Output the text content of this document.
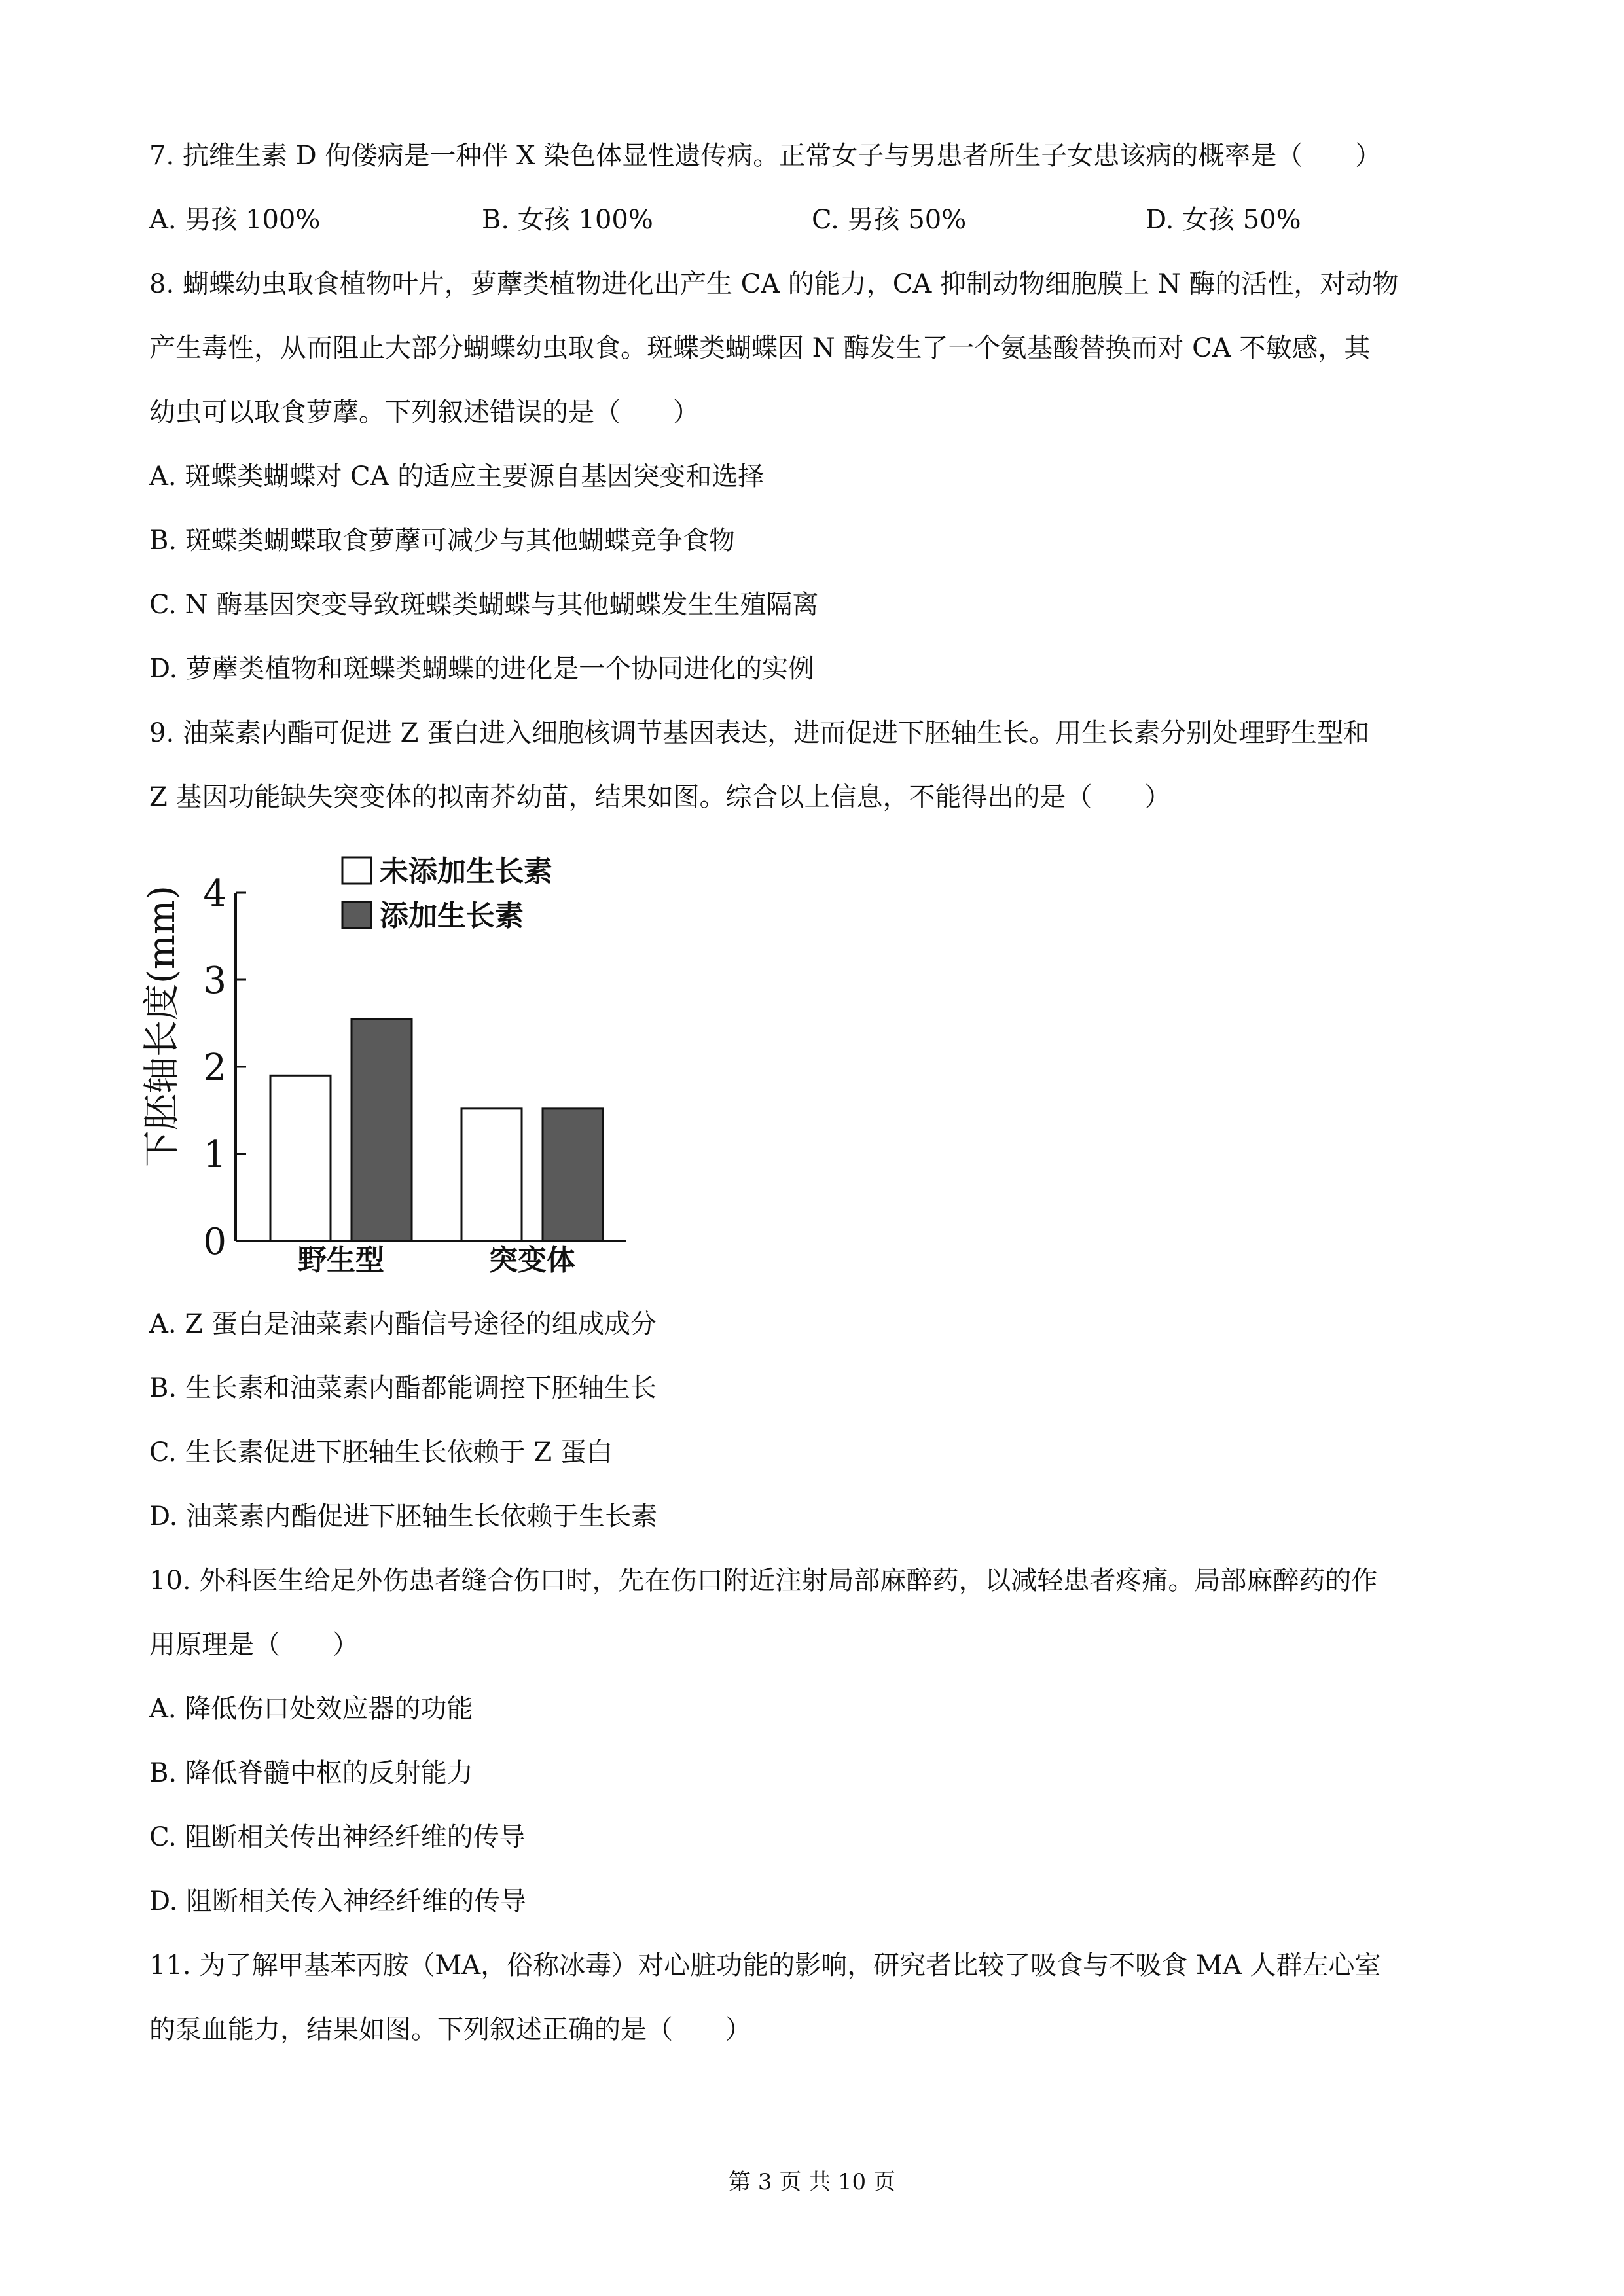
7. 抗维生素 D 佝偻病是一种伴 X 染色体显性遗传病。正常女子与男患者所生子女患该病的概率是（　　）
A. 男孩 100%	B. 女孩 100%	C. 男孩 50%	D. 女孩 50%
8. 蝴蝶幼虫取食植物叶片，萝藦类植物进化出产生 CA 的能力，CA 抑制动物细胞膜上 N 酶的活性，对动物
产生毒性，从而阻止大部分蝴蝶幼虫取食。斑蝶类蝴蝶因 N 酶发生了一个氨基酸替换而对 CA 不敏感，其
幼虫可以取食萝藦。下列叙述错误的是（　　）
A. 斑蝶类蝴蝶对 CA 的适应主要源自基因突变和选择
B. 斑蝶类蝴蝶取食萝藦可减少与其他蝴蝶竞争食物
C. N 酶基因突变导致斑蝶类蝴蝶与其他蝴蝶发生生殖隔离
D. 萝藦类植物和斑蝶类蝴蝶的进化是一个协同进化的实例
9. 油菜素内酯可促进 Z 蛋白进入细胞核调节基因表达，进而促进下胚轴生长。用生长素分别处理野生型和
Z 基因功能缺失突变体的拟南芥幼苗，结果如图。综合以上信息，不能得出的是（　　）
0
1
2
3
4
野生型	突变体
未添加生长素
添加生长素
下胚轴长度(mm)
A. Z 蛋白是油菜素内酯信号途径的组成成分
B. 生长素和油菜素内酯都能调控下胚轴生长
C. 生长素促进下胚轴生长依赖于 Z 蛋白
D. 油菜素内酯促进下胚轴生长依赖于生长素
10. 外科医生给足外伤患者缝合伤口时，先在伤口附近注射局部麻醉药，以减轻患者疼痛。局部麻醉药的作
用原理是（　　）
A. 降低伤口处效应器的功能
B. 降低脊髓中枢的反射能力
C. 阻断相关传出神经纤维的传导
D. 阻断相关传入神经纤维的传导
11. 为了解甲基苯丙胺（MA，俗称冰毒）对心脏功能的影响，研究者比较了吸食与不吸食 MA 人群左心室
的泵血能力，结果如图。下列叙述正确的是（　　）
第 3 页 共 10 页
